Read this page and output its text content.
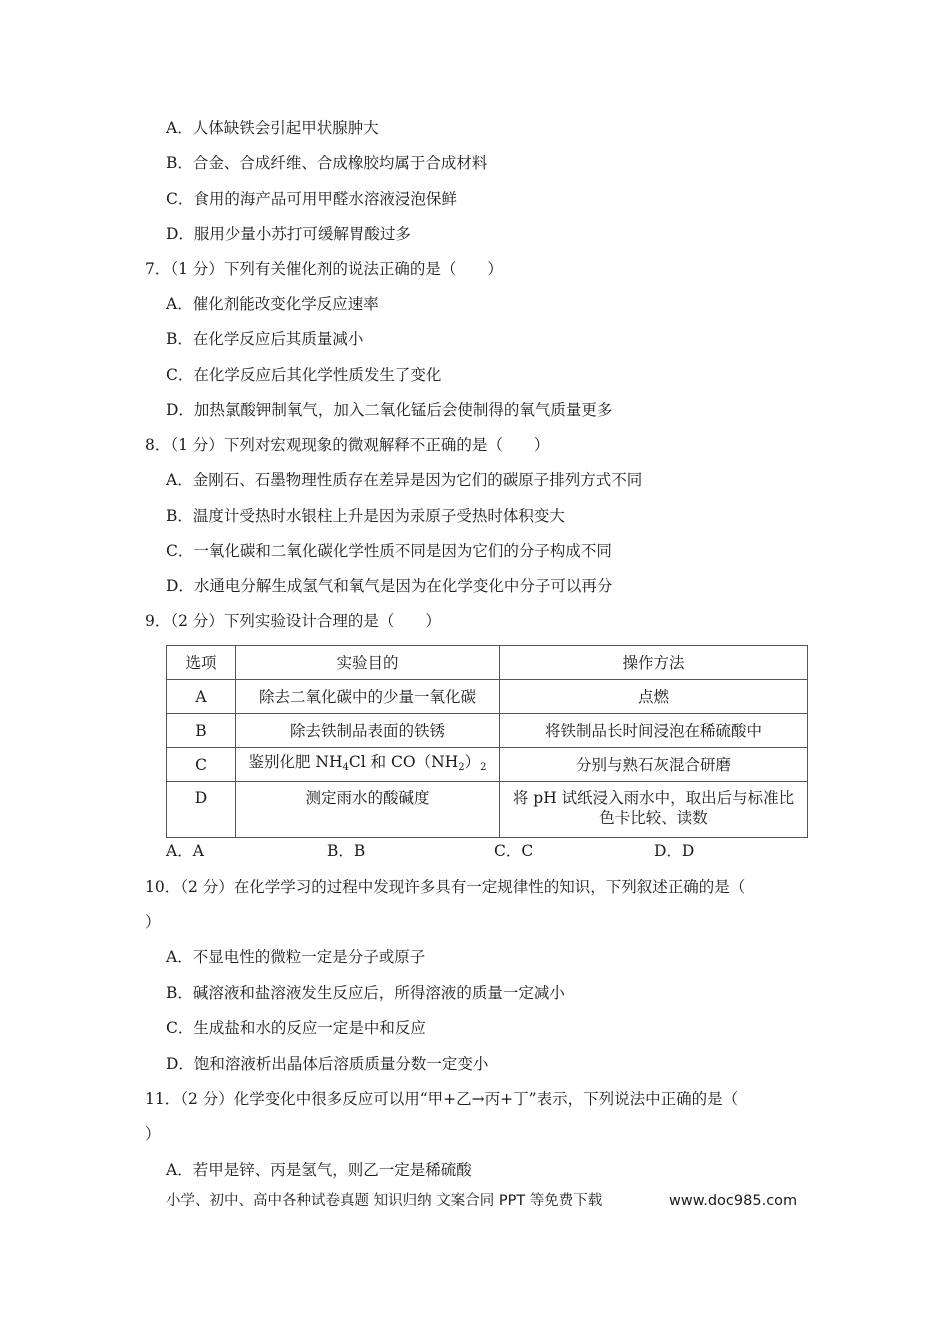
A．人体缺铁会引起甲状腺肿大
B．合金、合成纤维、合成橡胶均属于合成材料
C．食用的海产品可用甲醛水溶液浸泡保鲜
D．服用少量小苏打可缓解胃酸过多
7．（1 分）下列有关催化剂的说法正确的是（　　）
A．催化剂能改变化学反应速率
B．在化学反应后其质量减小
C．在化学反应后其化学性质发生了变化
D．加热氯酸钾制氧气，加入二氧化锰后会使制得的氧气质量更多
8．（1 分）下列对宏观现象的微观解释不正确的是（　　）
A．金刚石、石墨物理性质存在差异是因为它们的碳原子排列方式不同
B．温度计受热时水银柱上升是因为汞原子受热时体积变大
C．一氧化碳和二氧化碳化学性质不同是因为它们的分子构成不同
D．水通电分解生成氢气和氧气是因为在化学变化中分子可以再分
9．（2 分）下列实验设计合理的是（　　）
选项	实验目的	操作方法
A	除去二氧化碳中的少量一氧化碳	点燃
B	除去铁制品表面的铁锈	将铁制品长时间浸泡在稀硫酸中
C	鉴别化肥 $NH_4Cl$ 和 $CO(NH_2)_2$	分别与熟石灰混合研磨
D	测定雨水的酸碱度	将 pH 试纸浸入雨水中，取出后与标准比
色卡比较、读数
A．A	B．B	C．C	D．D
10．（2 分）在化学学习的过程中发现许多具有一定规律性的知识，下列叙述正确的是（
）
A．不显电性的微粒一定是分子或原子
B．碱溶液和盐溶液发生反应后，所得溶液的质量一定减小
C．生成盐和水的反应一定是中和反应
D．饱和溶液析出晶体后溶质质量分数一定变小
11．（2 分）化学变化中很多反应可以用“甲+乙→丙+丁”表示，下列说法中正确的是（
）
A．若甲是锌、丙是氢气，则乙一定是稀硫酸
小学、初中、高中各种试卷真题 知识归纳 文案合同 PPT 等免费下载	www.doc985.com
